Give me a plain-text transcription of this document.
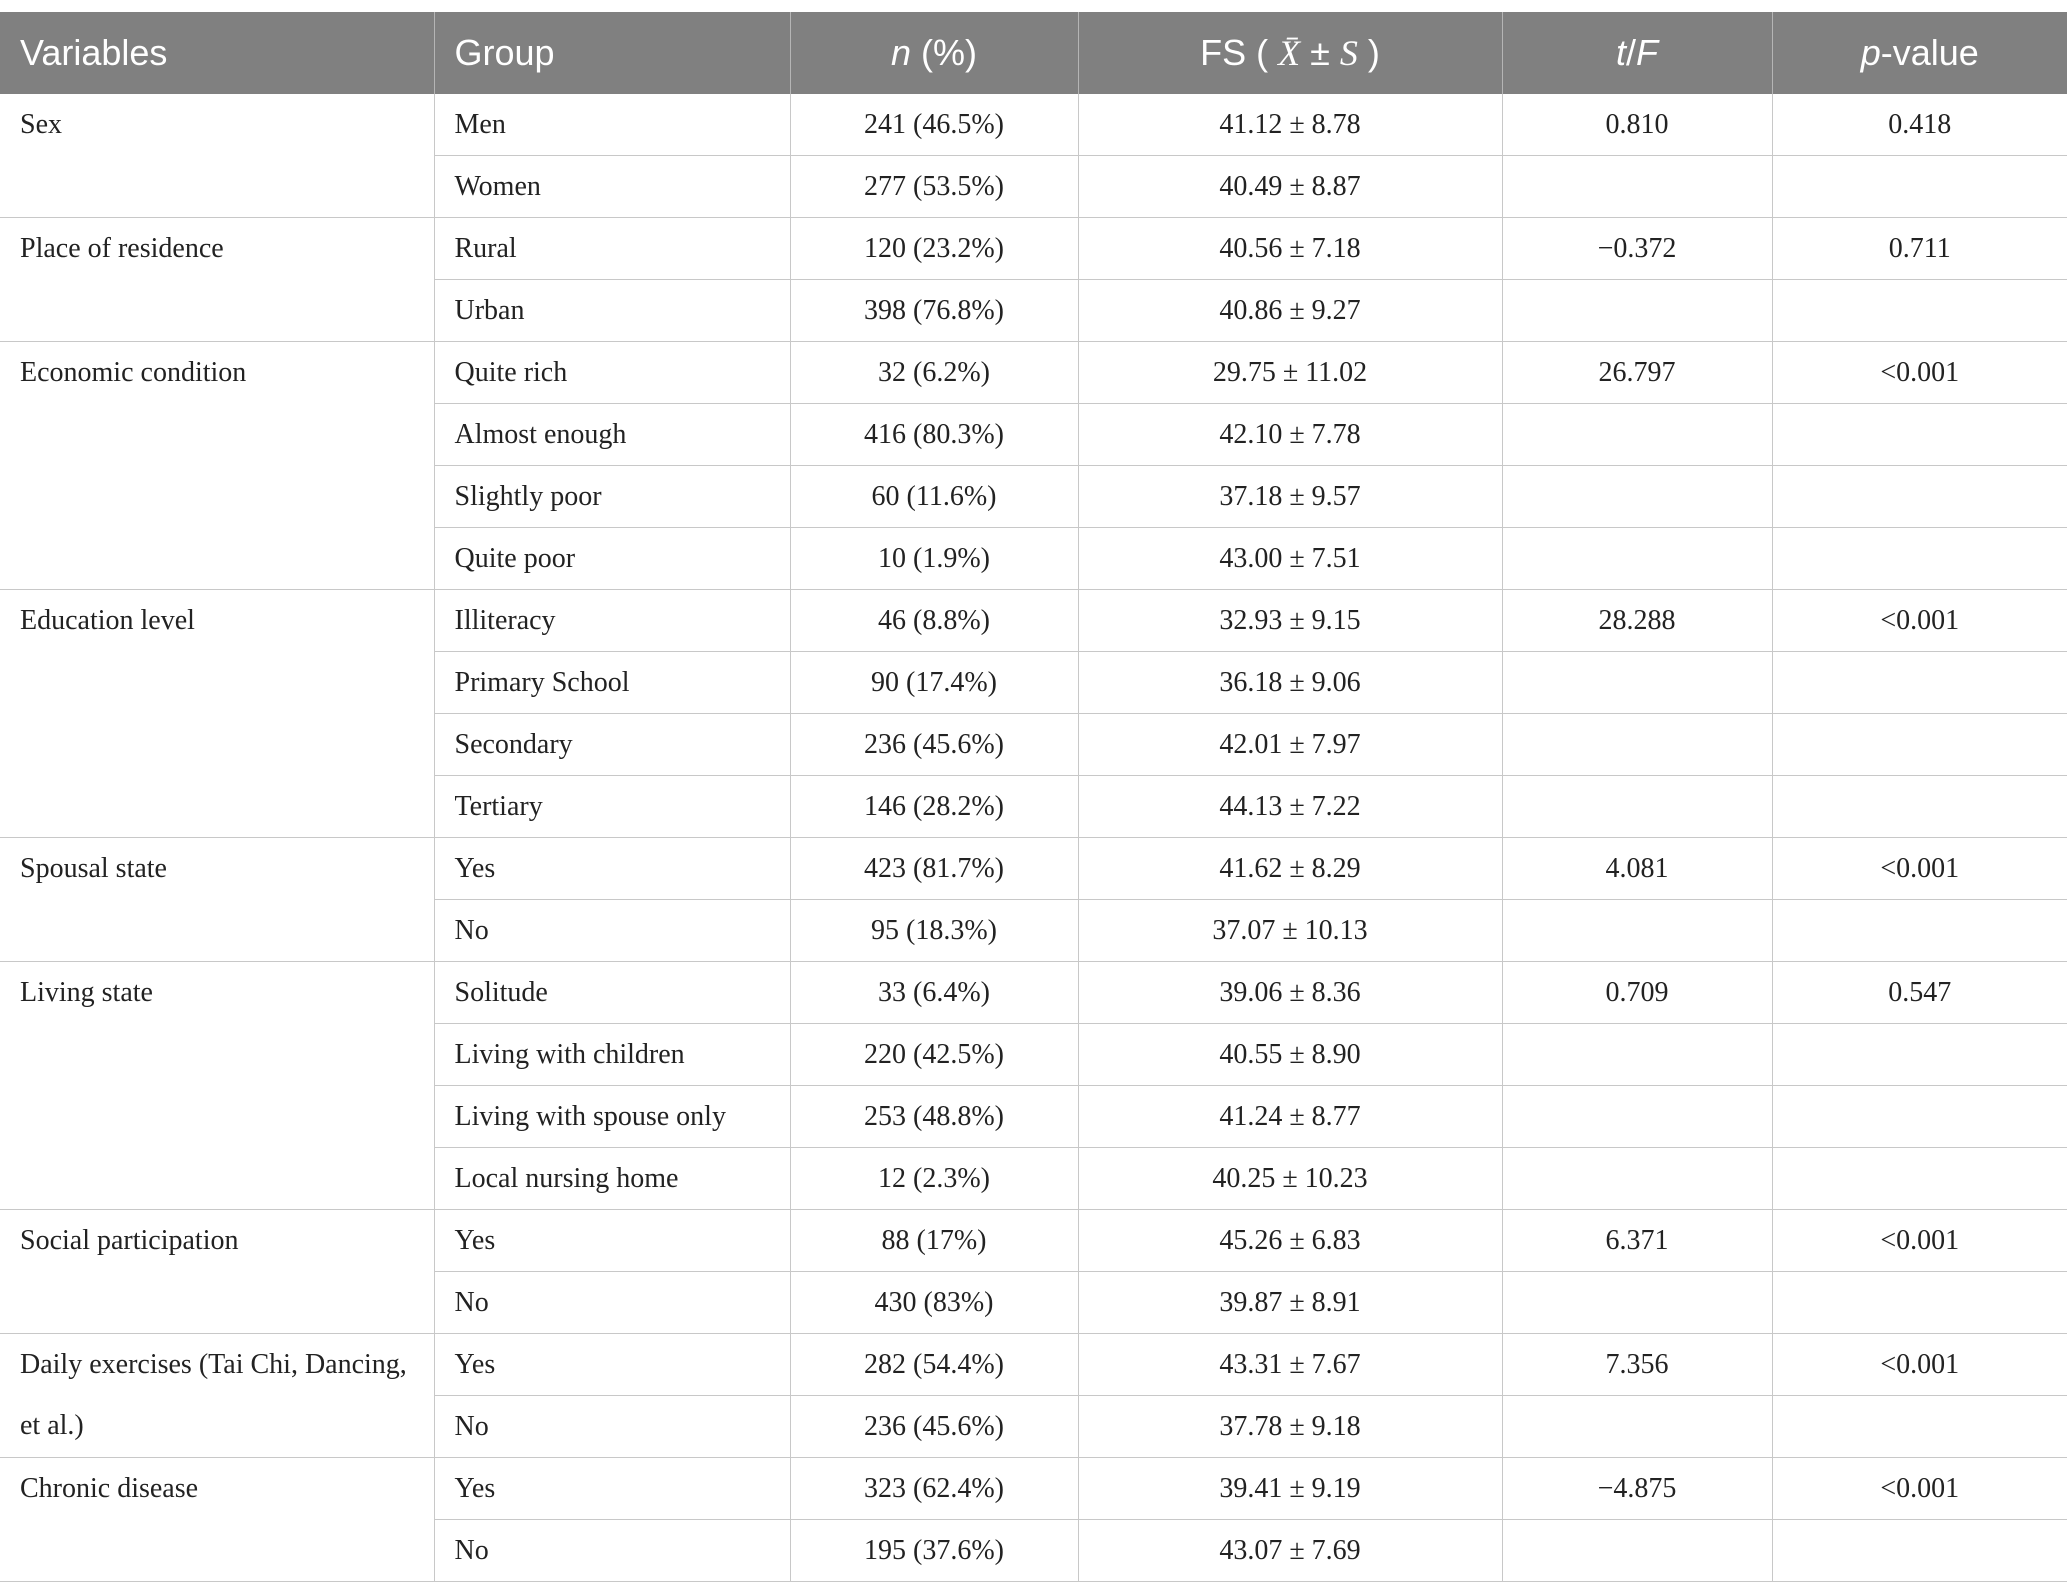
Variables	Group	n (%)	FS ( X̄ ± S )	t/F	p-value

Sex	Men	241 (46.5%)	41.12 ± 8.78	0.810	0.418
	Women	277 (53.5%)	40.49 ± 8.87		

Place of residence	Rural	120 (23.2%)	40.56 ± 7.18	−0.372	0.711
	Urban	398 (76.8%)	40.86 ± 9.27		

Economic condition	Quite rich	32 (6.2%)	29.75 ± 11.02	26.797	<0.001
	Almost enough	416 (80.3%)	42.10 ± 7.78		
	Slightly poor	60 (11.6%)	37.18 ± 9.57		
	Quite poor	10 (1.9%)	43.00 ± 7.51		

Education level	Illiteracy	46 (8.8%)	32.93 ± 9.15	28.288	<0.001
	Primary School	90 (17.4%)	36.18 ± 9.06		
	Secondary	236 (45.6%)	42.01 ± 7.97		
	Tertiary	146 (28.2%)	44.13 ± 7.22		

Spousal state	Yes	423 (81.7%)	41.62 ± 8.29	4.081	<0.001
	No	95 (18.3%)	37.07 ± 10.13		

Living state	Solitude	33 (6.4%)	39.06 ± 8.36	0.709	0.547
	Living with children	220 (42.5%)	40.55 ± 8.90		
	Living with spouse only	253 (48.8%)	41.24 ± 8.77		
	Local nursing home	12 (2.3%)	40.25 ± 10.23		

Social participation	Yes	88 (17%)	45.26 ± 6.83	6.371	<0.001
	No	430 (83%)	39.87 ± 8.91		

Daily exercises (Tai Chi, Dancing, et al.)	Yes	282 (54.4%)	43.31 ± 7.67	7.356	<0.001
	No	236 (45.6%)	37.78 ± 9.18		

Chronic disease	Yes	323 (62.4%)	39.41 ± 9.19	−4.875	<0.001
	No	195 (37.6%)	43.07 ± 7.69		
